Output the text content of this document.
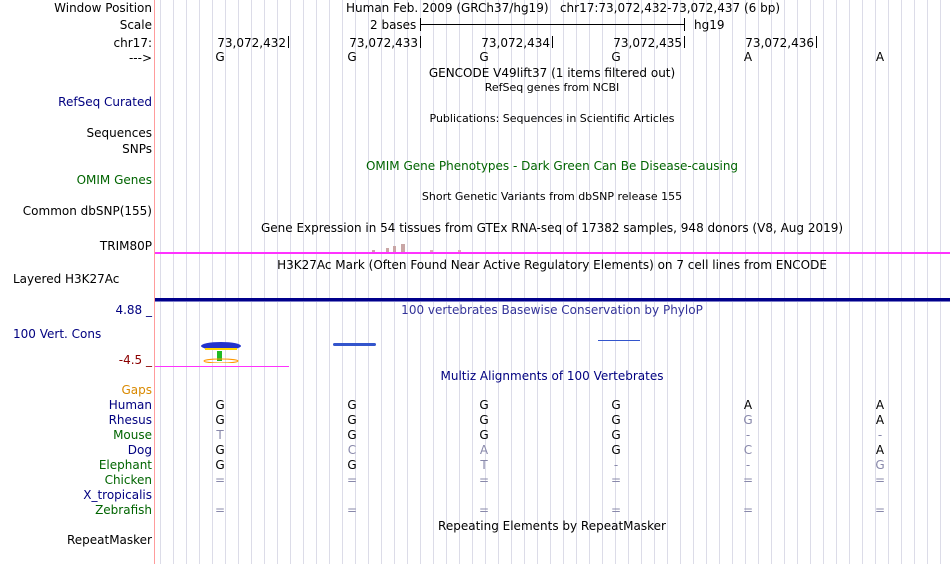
Window Position	Human Feb. 2009 (GRCh37/hg19)   chr17:73,072,432-73,072,437 (6 bp)
Scale	2 bases	hg19
chr17:	73,072,432	73,072,433	73,072,434	73,072,435	73,072,436
--->	G	G	G	G	A	A
GENCODE V49lift37 (1 items filtered out)
RefSeq genes from NCBI
RefSeq Curated
Publications: Sequences in Scientific Articles
Sequences
SNPs
OMIM Gene Phenotypes - Dark Green Can Be Disease-causing
OMIM Genes
Short Genetic Variants from dbSNP release 155
Common dbSNP(155)
Gene Expression in 54 tissues from GTEx RNA-seq of 17382 samples, 948 donors (V8, Aug 2019)
TRIM80P
H3K27Ac Mark (Often Found Near Active Regulatory Elements) on 7 cell lines from ENCODE
Layered H3K27Ac
100 vertebrates Basewise Conservation by PhyloP
4.88 _
100 Vert. Cons
-4.5 _
Multiz Alignments of 100 Vertebrates
Gaps
Human	G	G	G	G	A	A
Rhesus	G	G	G	G	G	A
Mouse	T	G	G	G	-	-
Dog	G	C	A	G	C	A
Elephant	G	G	T	-	-	G
Chicken	=	=	=	=	=	=
X_tropicalis
Zebrafish	=	=	=	=	=	=
Repeating Elements by RepeatMasker
RepeatMasker
